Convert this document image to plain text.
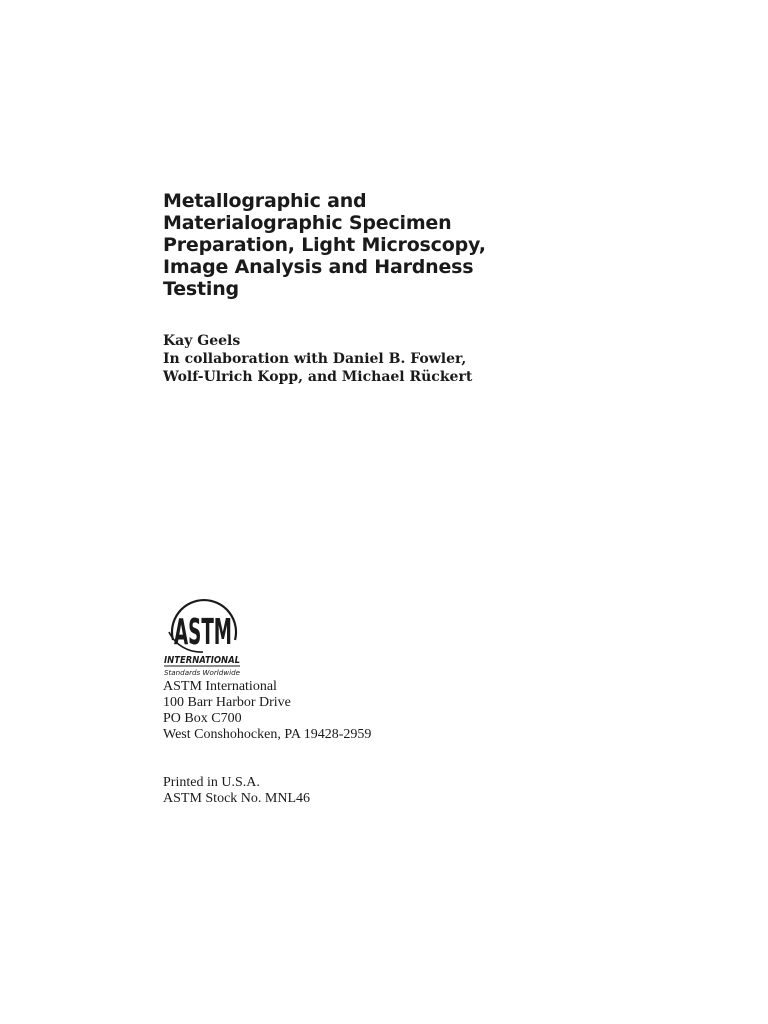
Metallographic and
Materialographic Specimen
Preparation, Light Microscopy,
Image Analysis and Hardness
Testing
Kay Geels
In collaboration with Daniel B. Fowler,
Wolf-Ulrich Kopp, and Michael Rückert
ASTM
INTERNATIONAL
Standards Worldwide
ASTM International
100 Barr Harbor Drive
PO Box C700
West Conshohocken, PA 19428-2959
Printed in U.S.A.
ASTM Stock No. MNL46
